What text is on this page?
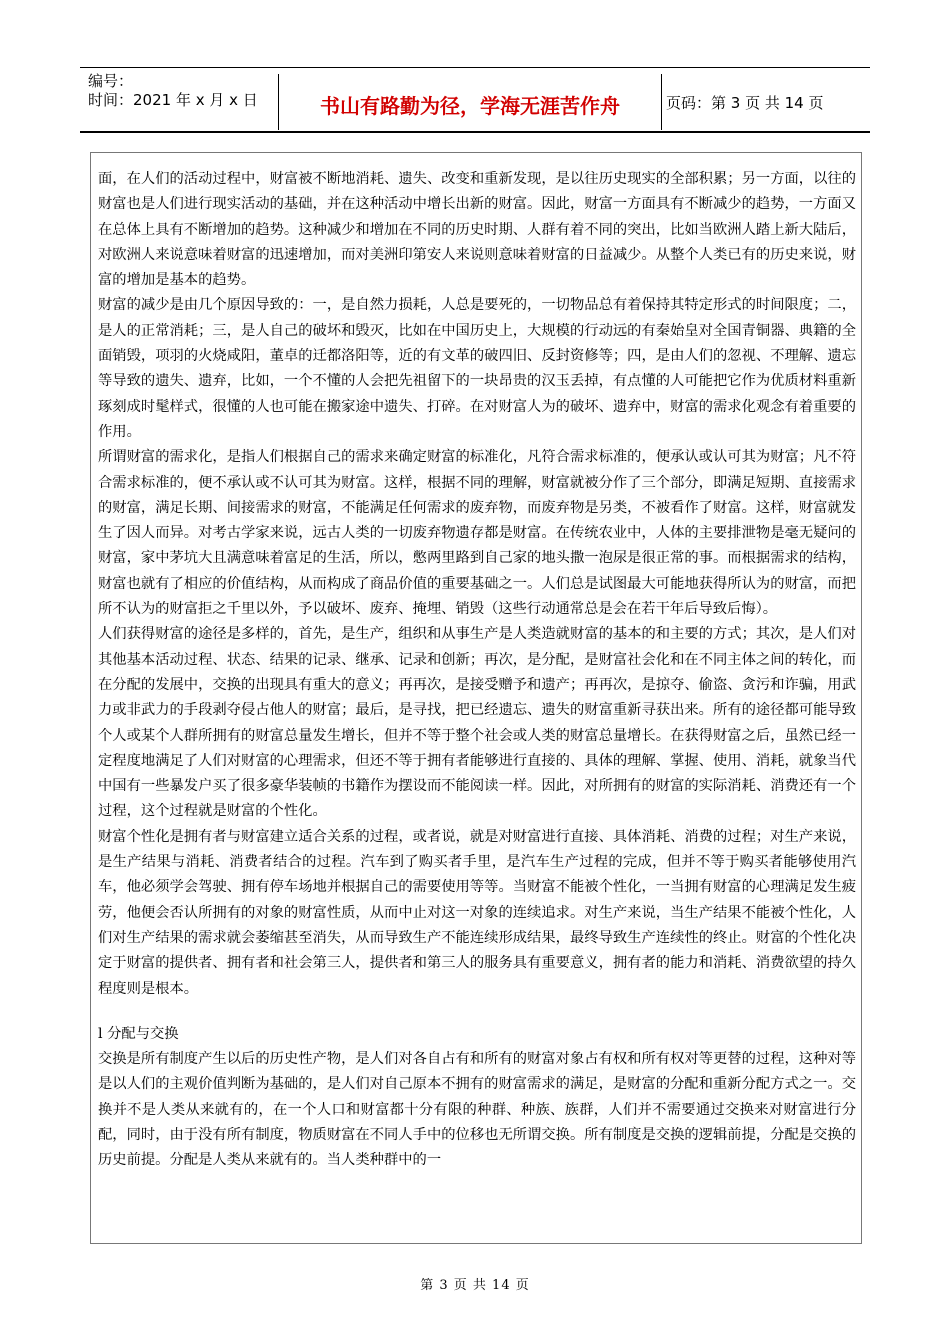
编号：
时间：2021 年 x 月 x 日	书山有路勤为径，学海无涯苦作舟	页码：第 3 页 共 14 页

面，在人们的活动过程中，财富被不断地消耗、遗失、改变和重新发现，是以往历史现实的全部积累；另一方面，以往的财富也是人们进行现实活动的基础，并在这种活动中增长出新的财富。因此，财富一方面具有不断减少的趋势，一方面又在总体上具有不断增加的趋势。这种减少和增加在不同的历史时期、人群有着不同的突出，比如当欧洲人踏上新大陆后，对欧洲人来说意味着财富的迅速增加，而对美洲印第安人来说则意味着财富的日益减少。从整个人类已有的历史来说，财富的增加是基本的趋势。

财富的减少是由几个原因导致的：一，是自然力损耗，人总是要死的，一切物品总有着保持其特定形式的时间限度；二，是人的正常消耗；三，是人自己的破坏和毁灭，比如在中国历史上，大规模的行动远的有秦始皇对全国青铜器、典籍的全面销毁，项羽的火烧咸阳，董卓的迁都洛阳等，近的有文革的破四旧、反封资修等；四，是由人们的忽视、不理解、遗忘等导致的遗失、遗弃，比如，一个不懂的人会把先祖留下的一块昂贵的汉玉丢掉，有点懂的人可能把它作为优质材料重新琢刻成时髦样式，很懂的人也可能在搬家途中遗失、打碎。在对财富人为的破坏、遗弃中，财富的需求化观念有着重要的作用。

所谓财富的需求化，是指人们根据自己的需求来确定财富的标准化，凡符合需求标准的，便承认或认可其为财富；凡不符合需求标准的，便不承认或不认可其为财富。这样，根据不同的理解，财富就被分作了三个部分，即满足短期、直接需求的财富，满足长期、间接需求的财富，不能满足任何需求的废弃物，而废弃物是另类，不被看作了财富。这样，财富就发生了因人而异。对考古学家来说，远古人类的一切废弃物遗存都是财富。在传统农业中，人体的主要排泄物是毫无疑问的财富，家中茅坑大且满意味着富足的生活，所以，憋两里路到自己家的地头撒一泡尿是很正常的事。而根据需求的结构，财富也就有了相应的价值结构，从而构成了商品价值的重要基础之一。人们总是试图最大可能地获得所认为的财富，而把所不认为的财富拒之千里以外，予以破坏、废弃、掩埋、销毁（这些行动通常总是会在若干年后导致后悔）。

人们获得财富的途径是多样的，首先，是生产，组织和从事生产是人类造就财富的基本的和主要的方式；其次，是人们对其他基本活动过程、状态、结果的记录、继承、记录和创新；再次，是分配，是财富社会化和在不同主体之间的转化，而在分配的发展中，交换的出现具有重大的意义；再再次，是接受赠予和遗产；再再次，是掠夺、偷盗、贪污和诈骗，用武力或非武力的手段剥夺侵占他人的财富；最后，是寻找，把已经遗忘、遗失的财富重新寻获出来。所有的途径都可能导致个人或某个人群所拥有的财富总量发生增长，但并不等于整个社会或人类的财富总量增长。在获得财富之后，虽然已经一定程度地满足了人们对财富的心理需求，但还不等于拥有者能够进行直接的、具体的理解、掌握、使用、消耗，就象当代中国有一些暴发户买了很多豪华装帧的书籍作为摆设而不能阅读一样。因此，对所拥有的财富的实际消耗、消费还有一个过程，这个过程就是财富的个性化。

财富个性化是拥有者与财富建立适合关系的过程，或者说，就是对财富进行直接、具体消耗、消费的过程；对生产来说，是生产结果与消耗、消费者结合的过程。汽车到了购买者手里，是汽车生产过程的完成，但并不等于购买者能够使用汽车，他必须学会驾驶、拥有停车场地并根据自己的需要使用等等。当财富不能被个性化，一当拥有财富的心理满足发生疲劳，他便会否认所拥有的对象的财富性质，从而中止对这一对象的连续追求。对生产来说，当生产结果不能被个性化，人们对生产结果的需求就会萎缩甚至消失，从而导致生产不能连续形成结果，最终导致生产连续性的终止。财富的个性化决定于财富的提供者、拥有者和社会第三人，提供者和第三人的服务具有重要意义，拥有者的能力和消耗、消费欲望的持久程度则是根本。

l 分配与交换

交换是所有制度产生以后的历史性产物，是人们对各自占有和所有的财富对象占有权和所有权对等更替的过程，这种对等是以人们的主观价值判断为基础的，是人们对自己原本不拥有的财富需求的满足，是财富的分配和重新分配方式之一。交换并不是人类从来就有的，在一个人口和财富都十分有限的种群、种族、族群，人们并不需要通过交换来对财富进行分配，同时，由于没有所有制度，物质财富在不同人手中的位移也无所谓交换。所有制度是交换的逻辑前提，分配是交换的历史前提。分配是人类从来就有的。当人类种群中的一

第 3 页 共 14 页
